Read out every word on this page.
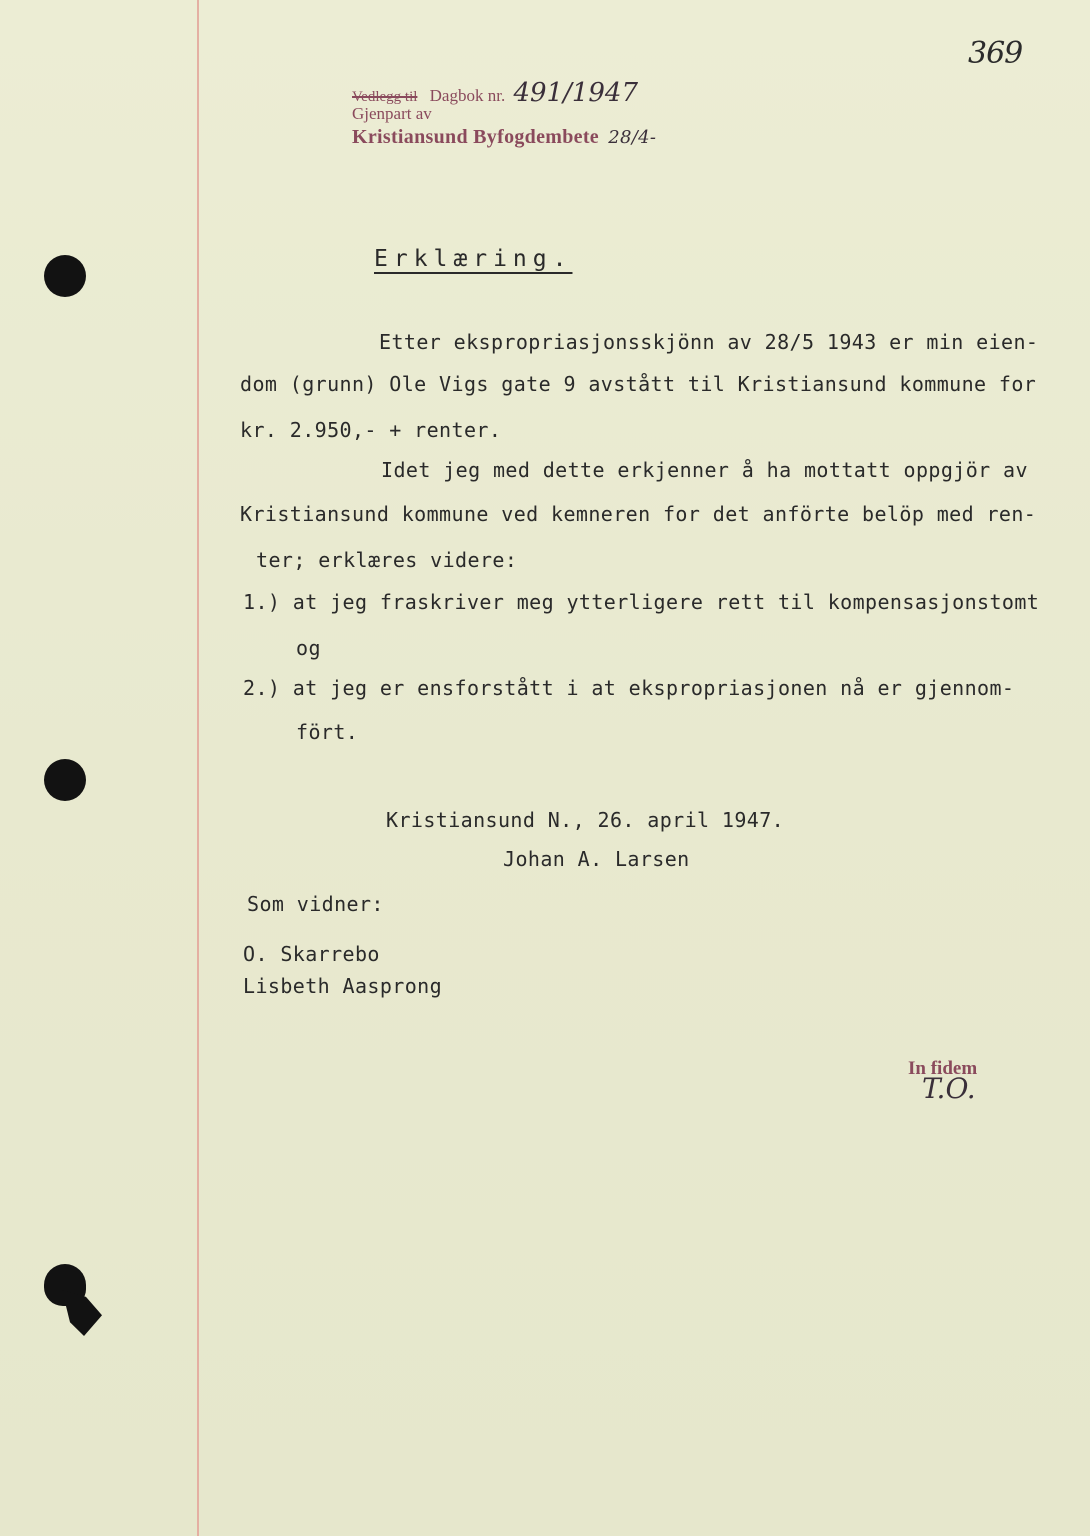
369
Vedlegg til Dagbok nr. 491/1947
Gjenpart av
Kristiansund Byfogdembete 28/4-
Erklæring.
Etter ekspropriasjonsskjönn av 28/5 1943 er min eien-
dom (grunn) Ole Vigs gate 9 avstått til Kristiansund kommune for
kr. 2.950,- + renter.
Idet jeg med dette erkjenner å ha mottatt oppgjör av
Kristiansund kommune ved kemneren for det anförte belöp med ren-
ter; erklæres videre:
1.) at jeg fraskriver meg ytterligere rett til kompensasjonstomt
og
2.) at jeg er ensforstått i at ekspropriasjonen nå er gjennom-
fört.
Kristiansund N., 26. april 1947.
Johan A. Larsen
Som vidner:
O. Skarrebo
Lisbeth Aasprong
In fidem
T.O.
